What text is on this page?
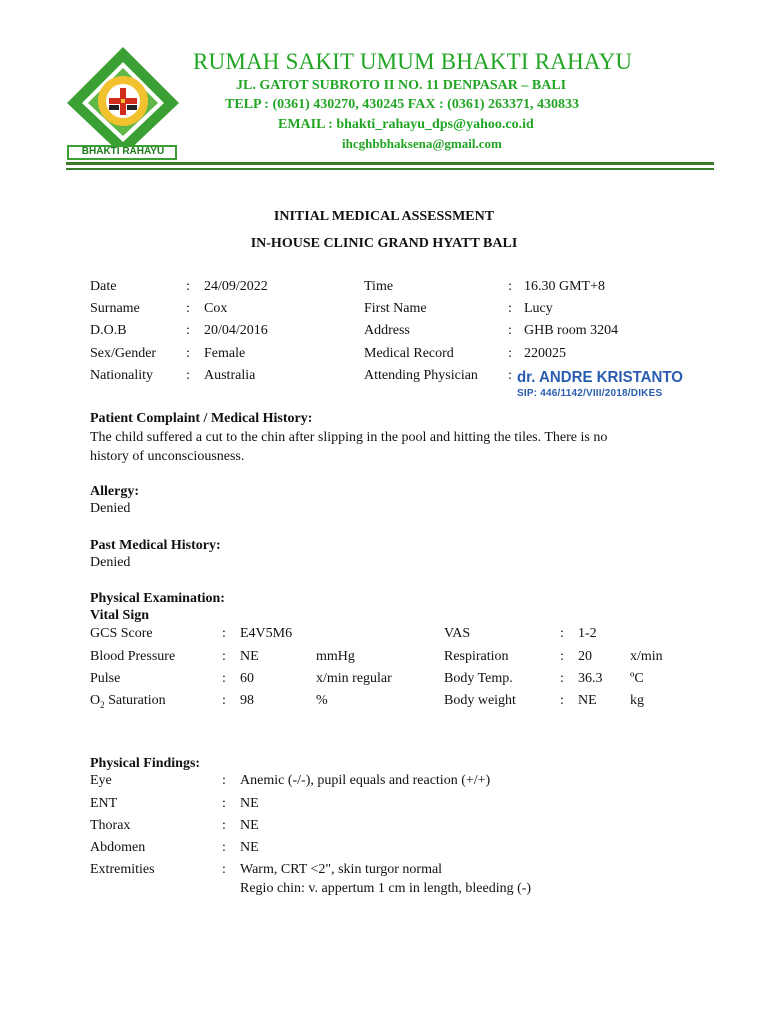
BHAKTI RAHAYU
RUMAH SAKIT UMUM BHAKTI RAHAYU
JL. GATOT SUBROTO II NO. 11 DENPASAR – BALI
TELP : (0361) 430270, 430245 FAX : (0361) 263371, 430833
EMAIL : bhakti_rahayu_dps@yahoo.co.id
ihcghbbhaksena@gmail.com
INITIAL MEDICAL ASSESSMENT
IN-HOUSE CLINIC GRAND HYATT BALI
Date	: 24/09/2022	Time	: 16.30 GMT+8
Surname	: Cox	First Name	: Lucy
D.O.B	: 20/04/2016	Address	: GHB room 3204
Sex/Gender : Female	Medical Record	: 220025
Nationality : Australia	Attending Physician : dr. ANDRE KRISTANTO
SIP: 446/1142/VIII/2018/DIKES
Patient Complaint / Medical History:
The child suffered a cut to the chin after slipping in the pool and hitting the tiles. There is no
history of unconsciousness.
Allergy:
Denied
Past Medical History:
Denied
Physical Examination:
Vital Sign
GCS Score	: E4V5M6	VAS	: 1-2
Blood Pressure	: NE	mmHg	Respiration	: 20	x/min
Pulse	: 60	x/min regular	Body Temp.	: 36.3 ºC
$O_2$ Saturation	: 98	%	Body weight	: NE kg
Physical Findings:
Eye	: Anemic (-/-), pupil equals and reaction (+/+)
ENT	: NE
Thorax	: NE
Abdomen	: NE
Extremities	: Warm, CRT <2", skin turgor normal
Regio chin: v. appertum 1 cm in length, bleeding (-)
